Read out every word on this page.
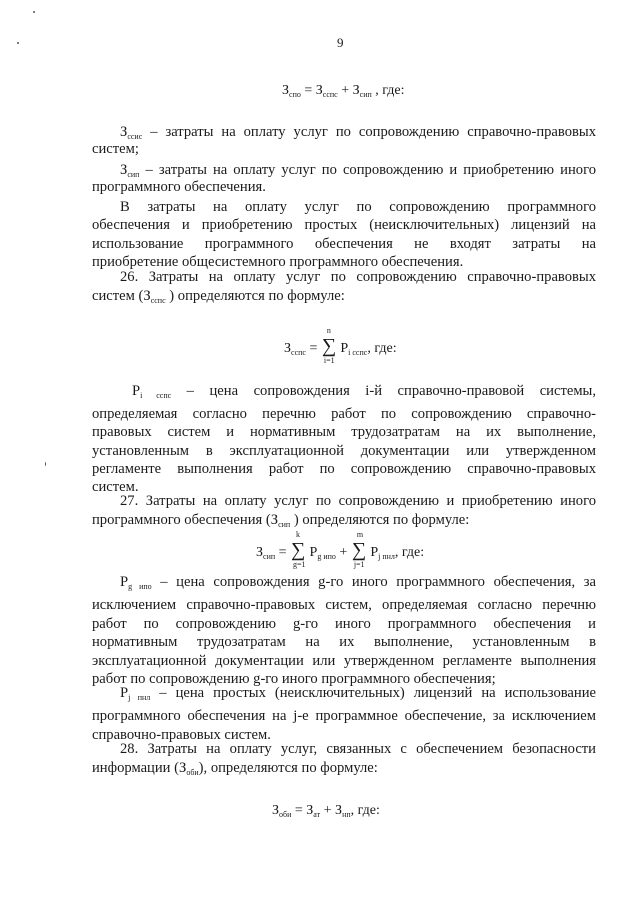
9
$З_{спо} = З_{сспс} + З_{сип}$ , где:
$З_{ссис}$ – затраты на оплату услуг по сопровождению справочно-правовых
систем;
$З_{сип}$ – затраты на оплату услуг по сопровождению и приобретению иного
программного обеспечения.
В затраты на оплату услуг по сопровождению программного
обеспечения и приобретению простых (неисключительных) лицензий на
использование программного обеспечения не входят затраты на
приобретение общесистемного программного обеспечения.
26. Затраты на оплату услуг по сопровождению справочно-правовых
систем ($З_{сспс}$ ) определяются по формуле:
$З_{сспс}$ =
n
∑
i=1
$P_{i сспс}$, где:
$P_{i сспс}$ – цена сопровождения i-й справочно-правовой системы,
определяемая согласно перечню работ по сопровождению справочно-
правовых систем и нормативным трудозатратам на их выполнение,
установленным в эксплуатационной документации или утвержденном
регламенте выполнения работ по сопровождению справочно-правовых
систем.
27. Затраты на оплату услуг по сопровождению и приобретению иного
программного обеспечения ($З_{сип}$ ) определяются по формуле:
$З_{сип}$ =
k
∑
g=1
$P_{g ипо}$ +
m
∑
j=1
$P_{j пнл}$, где:
$P_{g ипо}$ – цена сопровождения g-го иного программного обеспечения, за
исключением справочно-правовых систем, определяемая согласно перечню
работ по сопровождению g-го иного программного обеспечения и
нормативным трудозатратам на их выполнение, установленным в
эксплуатационной документации или утвержденном регламенте выполнения
работ по сопровождению g-го иного программного обеспечения;
$P_{j пнл}$ – цена простых (неисключительных) лицензий на использование
программного обеспечения на j-е программное обеспечение, за исключением
справочно-правовых систем.
28. Затраты на оплату услуг, связанных с обеспечением безопасности
информации $(З_{оби})$, определяются по формуле:
$З_{оби} = З_{ат} + З_{нп}$, где:
